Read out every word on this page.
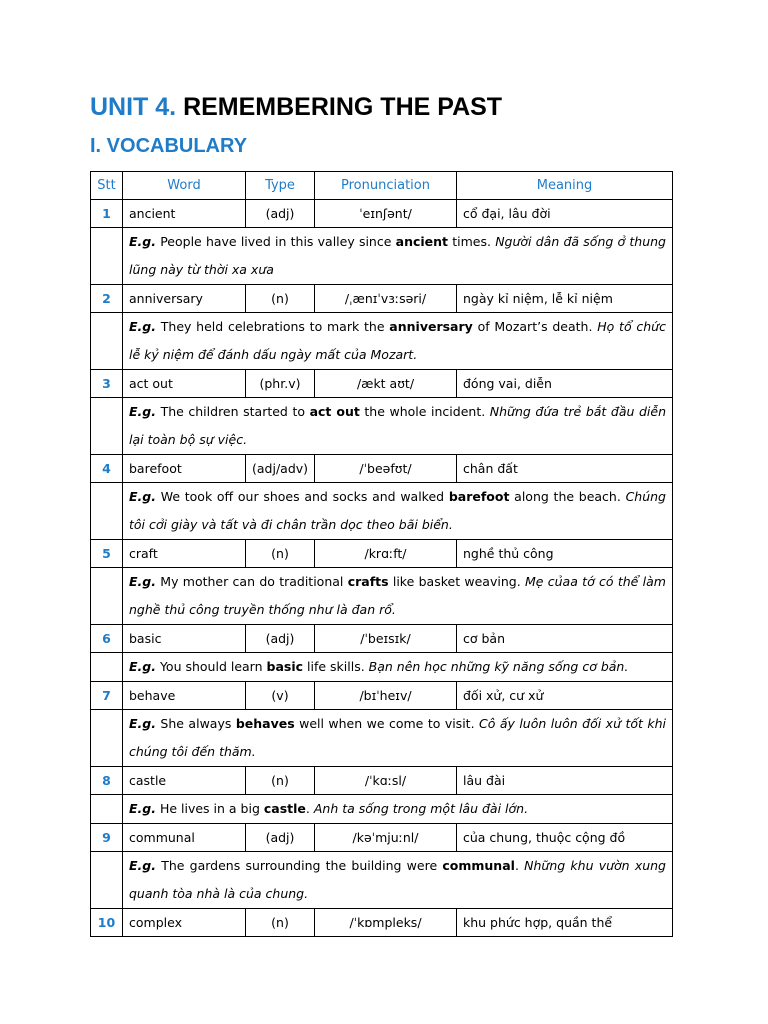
UNIT 4. REMEMBERING THE PAST
I. VOCABULARY
Stt	Word	Type	Pronunciation	Meaning
1	ancient	(adj)	ˈeɪnʃənt/	cổ đại, lâu đời
	E.g. People have lived in this valley since ancient times. Người dân đã sống ở thung lũng này từ thời xa xưa			
2	anniversary	(n)	/ˌænɪˈvɜːsəri/	ngày kỉ niệm, lễ kỉ niệm
	E.g. They held celebrations to mark the anniversary of Mozart’s death. Họ tổ chức lễ kỷ niệm để đánh dấu ngày mất của Mozart.			
3	act out	(phr.v)	/ækt aʊt/	đóng vai, diễn
	E.g. The children started to act out the whole incident. Những đứa trẻ bắt đầu diễn lại toàn bộ sự việc.			
4	barefoot	(adj/adv)	/ˈbeəfʊt/	chân đất
	E.g. We took off our shoes and socks and walked barefoot along the beach. Chúng tôi cởi giày và tất và đi chân trần dọc theo bãi biển.			
5	craft	(n)	/krɑːft/	nghề thủ công
	E.g. My mother can do traditional crafts like basket weaving. Mẹ củaa tớ có thể làm nghề thủ công truyền thống như là đan rổ.			
6	basic	(adj)	/ˈbeɪsɪk/	cơ bản
	E.g. You should learn basic life skills. Bạn nên học những kỹ năng sống cơ bản.			
7	behave	(v)	/bɪˈheɪv/	đối xử, cư xử
	E.g. She always behaves well when we come to visit. Cô ấy luôn luôn đối xử tốt khi chúng tôi đến thăm.			
8	castle	(n)	/ˈkɑːsl/	lâu đài
	E.g. He lives in a big castle. Anh ta sống trong một lâu đài lớn.			
9	communal	(adj)	/kəˈmjuːnl/	của chung, thuộc cộng đồ
	E.g. The gardens surrounding the building were communal. Những khu vườn xung quanh tòa nhà là của chung.			
10	complex	(n)	/ˈkɒmpleks/	khu phức hợp, quần thể
